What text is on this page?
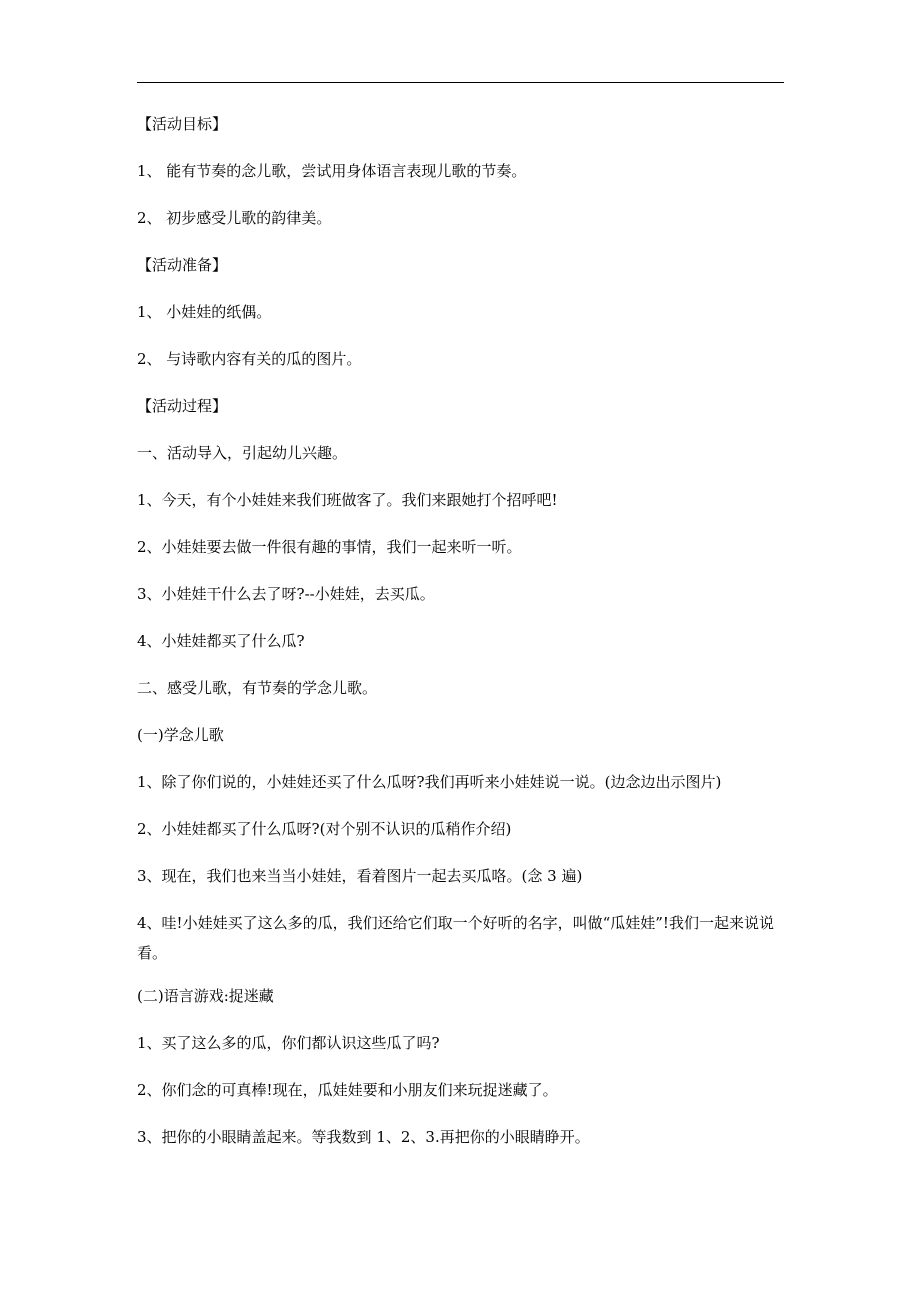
【活动目标】

1、 能有节奏的念儿歌，尝试用身体语言表现儿歌的节奏。

2、 初步感受儿歌的韵律美。

【活动准备】

1、 小娃娃的纸偶。

2、 与诗歌内容有关的瓜的图片。

【活动过程】

一、活动导入，引起幼儿兴趣。

1、今天，有个小娃娃来我们班做客了。我们来跟她打个招呼吧!

2、小娃娃要去做一件很有趣的事情，我们一起来听一听。

3、小娃娃干什么去了呀?--小娃娃，去买瓜。

4、小娃娃都买了什么瓜?

二、感受儿歌，有节奏的学念儿歌。

(一)学念儿歌

1、除了你们说的，小娃娃还买了什么瓜呀?我们再听来小娃娃说一说。(边念边出示图片)

2、小娃娃都买了什么瓜呀?(对个别不认识的瓜稍作介绍)

3、现在，我们也来当当小娃娃，看着图片一起去买瓜咯。(念 3 遍)

4、哇!小娃娃买了这么多的瓜，我们还给它们取一个好听的名字，叫做“瓜娃娃”!我们一起来说说看。

(二)语言游戏:捉迷藏

1、买了这么多的瓜，你们都认识这些瓜了吗?

2、你们念的可真棒!现在，瓜娃娃要和小朋友们来玩捉迷藏了。

3、把你的小眼睛盖起来。等我数到 1、2、3.再把你的小眼睛睁开。
